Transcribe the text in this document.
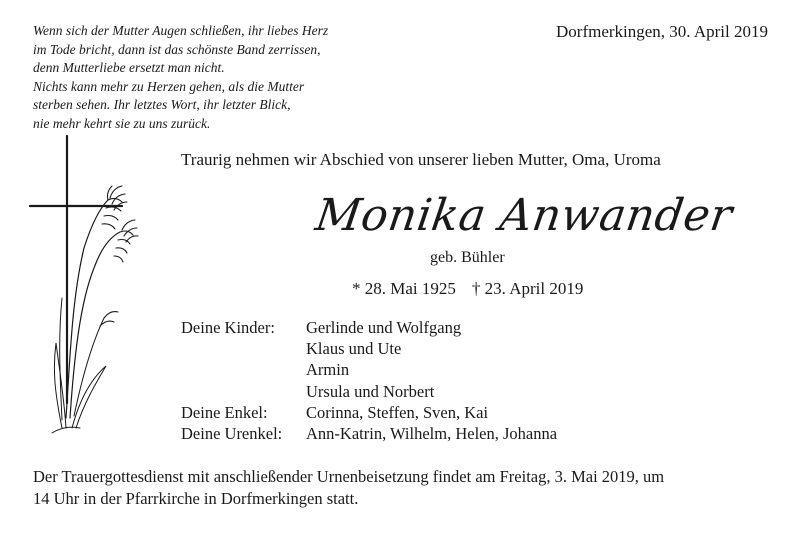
Wenn sich der Mutter Augen schließen, ihr liebes Herz
im Tode bricht, dann ist das schönste Band zerrissen,
denn Mutterliebe ersetzt man nicht.
Nichts kann mehr zu Herzen gehen, als die Mutter
sterben sehen. Ihr letztes Wort, ihr letzter Blick,
nie mehr kehrt sie zu uns zurück.
Dorfmerkingen, 30. April 2019
Traurig nehmen wir Abschied von unserer lieben Mutter, Oma, Uroma
Monika Anwander
geb. Bühler
* 28. Mai 1925 † 23. April 2019
Deine Kinder:	Gerlinde und Wolfgang
Klaus und Ute
Armin
Ursula und Norbert
Deine Enkel:	Corinna, Steffen, Sven, Kai
Deine Urenkel:	Ann-Katrin, Wilhelm, Helen, Johanna
Der Trauergottesdienst mit anschließender Urnenbeisetzung findet am Freitag, 3. Mai 2019, um
14 Uhr in der Pfarrkirche in Dorfmerkingen statt.
